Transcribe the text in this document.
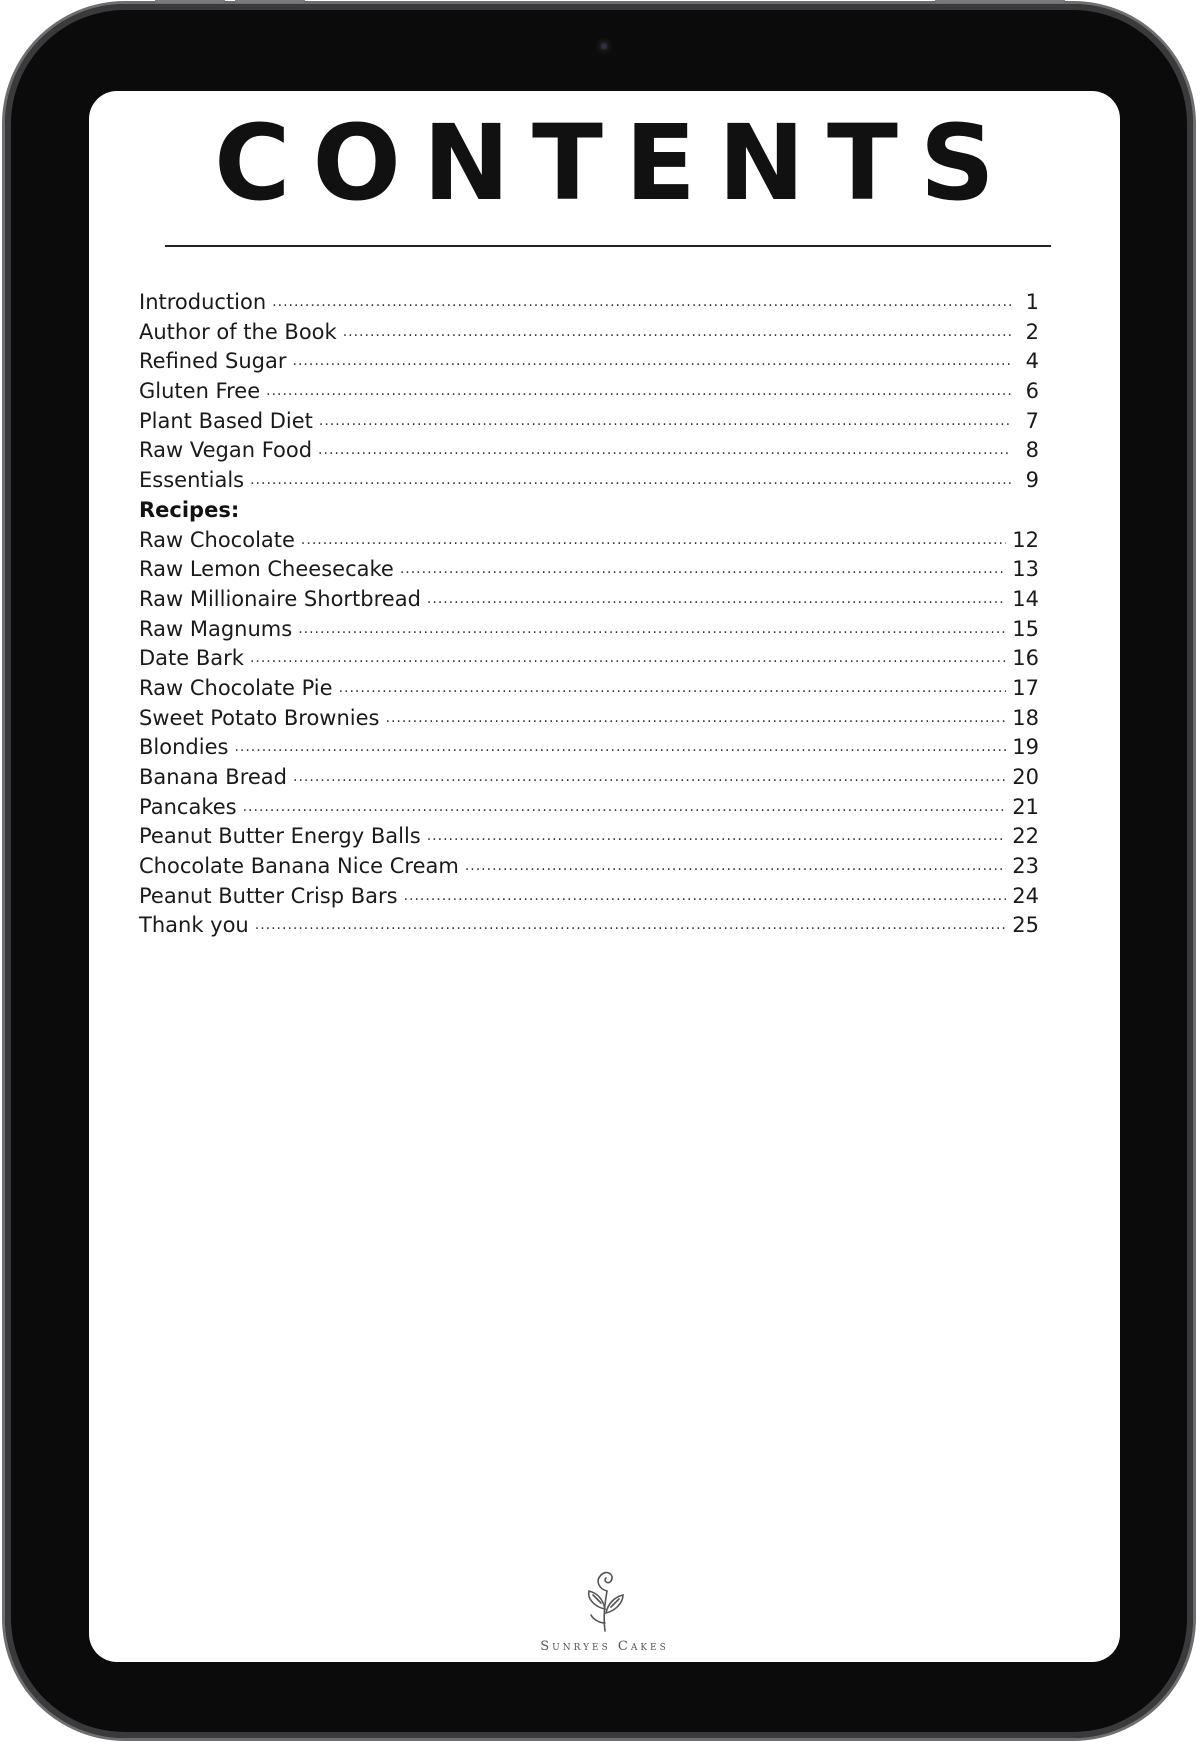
CONTENTS
Introduction .....	1
Author of the Book .....	2
Refined Sugar .....	4
Gluten Free .....	6
Plant Based Diet .....	7
Raw Vegan Food .....	8
Essentials .....	9
Recipes:
Raw Chocolate .....	12
Raw Lemon Cheesecake .....	13
Raw Millionaire Shortbread .....	14
Raw Magnums .....	15
Date Bark .....	16
Raw Chocolate Pie .....	17
Sweet Potato Brownies .....	18
Blondies .....	19
Banana Bread .....	20
Pancakes .....	21
Peanut Butter Energy Balls .....	22
Chocolate Banana Nice Cream .....	23
Peanut Butter Crisp Bars .....	24
Thank you .....	25
Sunryes Cakes
